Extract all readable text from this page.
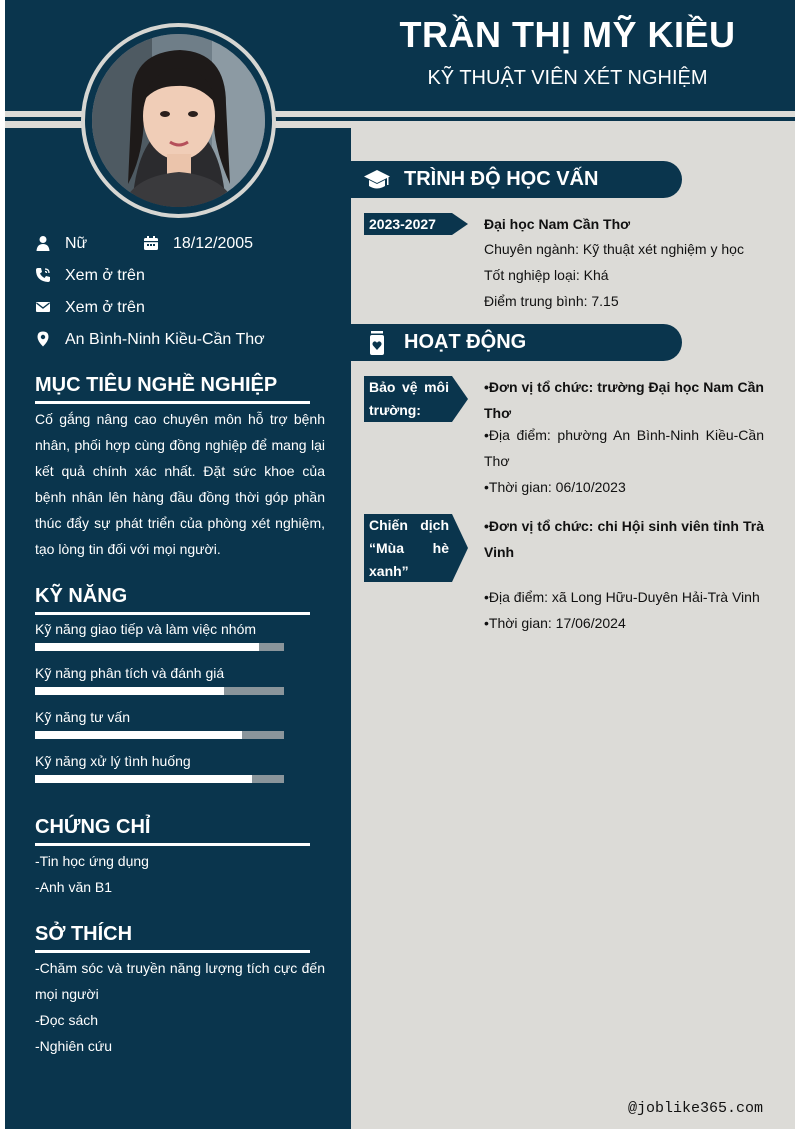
TRẦN THỊ MỸ KIỀU
KỸ THUẬT VIÊN XÉT NGHIỆM
Nữ	18/12/2005
Xem ở trên
Xem ở trên
An Bình-Ninh Kiều-Cần Thơ
MỤC TIÊU NGHỀ NGHIỆP
Cố gắng nâng cao chuyên môn hỗ trợ bệnh nhân, phối hợp cùng đồng nghiệp để mang lại kết quả chính xác nhất. Đặt sức khoe của bệnh nhân lên hàng đầu đồng thời góp phần thúc đẩy sự phát triển của phòng xét nghiệm, tạo lòng tin đối với mọi người.
KỸ NĂNG
Kỹ năng giao tiếp và làm việc nhóm
Kỹ năng phân tích và đánh giá
Kỹ năng tư vấn
Kỹ năng xử lý tình huống
CHỨNG CHỈ
-Tin học ứng dụng
-Anh văn B1
SỞ THÍCH
-Chăm sóc và truyền năng lượng tích cực đến mọi người
-Đọc sách
-Nghiên cứu
TRÌNH ĐỘ HỌC VẤN
2023-2027	Đại học Nam Cần Thơ
Chuyên ngành: Kỹ thuật xét nghiệm y học
Tốt nghiệp loại: Khá
Điểm trung bình: 7.15
HOẠT ĐỘNG
Bảo vệ môi trường:
•Đơn vị tổ chức: trường Đại học Nam Cần Thơ
•Địa điểm: phường An Bình-Ninh Kiều-Cần Thơ
•Thời gian: 06/10/2023
Chiến dịch “Mùa hè xanh”
•Đơn vị tổ chức: chi Hội sinh viên tỉnh Trà Vinh
•Địa điểm: xã Long Hữu-Duyên Hải-Trà Vinh
•Thời gian: 17/06/2024
@joblike365.com
